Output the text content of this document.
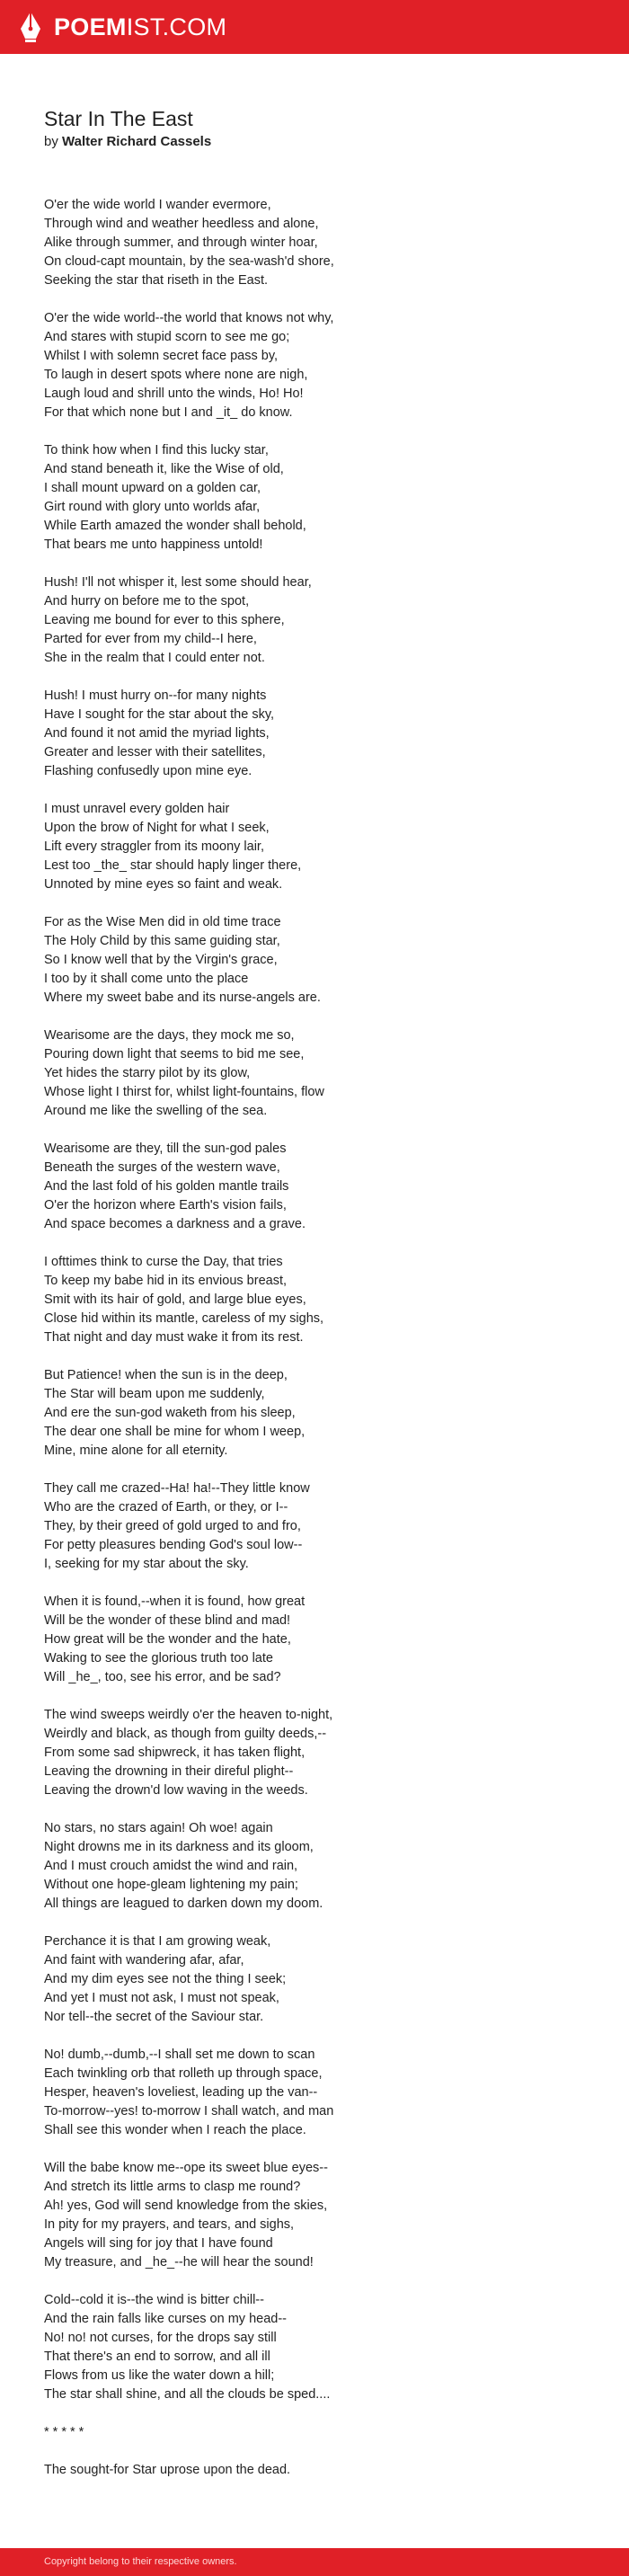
POEMIST.COM
Star In The East
by Walter Richard Cassels
O'er the wide world I wander evermore,
Through wind and weather heedless and alone,
Alike through summer, and through winter hoar,
On cloud-capt mountain, by the sea-wash'd shore,
Seeking the star that riseth in the East.
O'er the wide world--the world that knows not why,
And stares with stupid scorn to see me go;
Whilst I with solemn secret face pass by,
To laugh in desert spots where none are nigh,
Laugh loud and shrill unto the winds, Ho! Ho!
For that which none but I and _it_ do know.
To think how when I find this lucky star,
And stand beneath it, like the Wise of old,
I shall mount upward on a golden car,
Girt round with glory unto worlds afar,
While Earth amazed the wonder shall behold,
That bears me unto happiness untold!
Hush! I'll not whisper it, lest some should hear,
And hurry on before me to the spot,
Leaving me bound for ever to this sphere,
Parted for ever from my child--I here,
She in the realm that I could enter not.
Hush! I must hurry on--for many nights
Have I sought for the star about the sky,
And found it not amid the myriad lights,
Greater and lesser with their satellites,
Flashing confusedly upon mine eye.
I must unravel every golden hair
Upon the brow of Night for what I seek,
Lift every straggler from its moony lair,
Lest too _the_ star should haply linger there,
Unnoted by mine eyes so faint and weak.
For as the Wise Men did in old time trace
The Holy Child by this same guiding star,
So I know well that by the Virgin's grace,
I too by it shall come unto the place
Where my sweet babe and its nurse-angels are.
Wearisome are the days, they mock me so,
Pouring down light that seems to bid me see,
Yet hides the starry pilot by its glow,
Whose light I thirst for, whilst light-fountains, flow
Around me like the swelling of the sea.
Wearisome are they, till the sun-god pales
Beneath the surges of the western wave,
And the last fold of his golden mantle trails
O'er the horizon where Earth's vision fails,
And space becomes a darkness and a grave.
I ofttimes think to curse the Day, that tries
To keep my babe hid in its envious breast,
Smit with its hair of gold, and large blue eyes,
Close hid within its mantle, careless of my sighs,
That night and day must wake it from its rest.
But Patience! when the sun is in the deep,
The Star will beam upon me suddenly,
And ere the sun-god waketh from his sleep,
The dear one shall be mine for whom I weep,
Mine, mine alone for all eternity.
They call me crazed--Ha! ha!--They little know
Who are the crazed of Earth, or they, or I--
They, by their greed of gold urged to and fro,
For petty pleasures bending God's soul low--
I, seeking for my star about the sky.
When it is found,--when it is found, how great
Will be the wonder of these blind and mad!
How great will be the wonder and the hate,
Waking to see the glorious truth too late
Will _he_, too, see his error, and be sad?
The wind sweeps weirdly o'er the heaven to-night,
Weirdly and black, as though from guilty deeds,--
From some sad shipwreck, it has taken flight,
Leaving the drowning in their direful plight--
Leaving the drown'd low waving in the weeds.
No stars, no stars again! Oh woe! again
Night drowns me in its darkness and its gloom,
And I must crouch amidst the wind and rain,
Without one hope-gleam lightening my pain;
All things are leagued to darken down my doom.
Perchance it is that I am growing weak,
And faint with wandering afar, afar,
And my dim eyes see not the thing I seek;
And yet I must not ask, I must not speak,
Nor tell--the secret of the Saviour star.
No! dumb,--dumb,--I shall set me down to scan
Each twinkling orb that rolleth up through space,
Hesper, heaven's loveliest, leading up the van--
To-morrow--yes! to-morrow I shall watch, and man
Shall see this wonder when I reach the place.
Will the babe know me--ope its sweet blue eyes--
And stretch its little arms to clasp me round?
Ah! yes, God will send knowledge from the skies,
In pity for my prayers, and tears, and sighs,
Angels will sing for joy that I have found
My treasure, and _he_--he will hear the sound!
Cold--cold it is--the wind is bitter chill--
And the rain falls like curses on my head--
No! no! not curses, for the drops say still
That there's an end to sorrow, and all ill
Flows from us like the water down a hill;
The star shall shine, and all the clouds be sped....
* * * * *
The sought-for Star uprose upon the dead.
Copyright belong to their respective owners.
